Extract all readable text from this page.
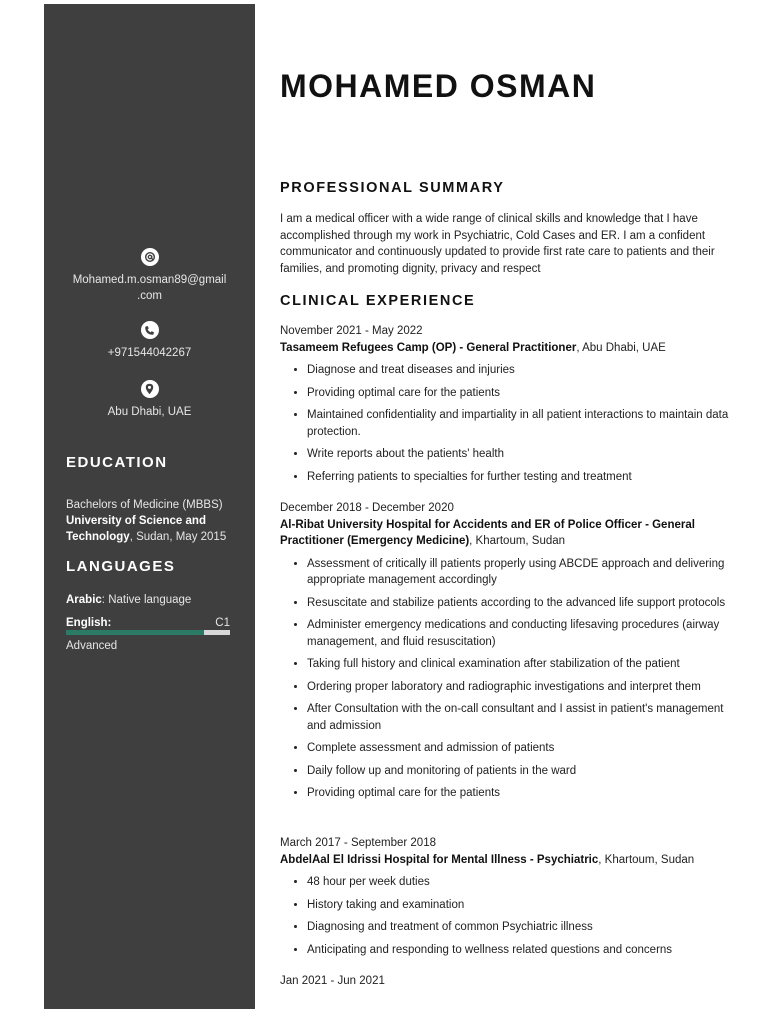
Mohamed.m.osman89@gmail
.com
+971544042267
Abu Dhabi, UAE
EDUCATION
Bachelors of Medicine (MBBS)
University of Science and
Technology, Sudan, May 2015
LANGUAGES
Arabic: Native language
English:	C1
Advanced
MOHAMED OSMAN
PROFESSIONAL SUMMARY
I am a medical officer with a wide range of clinical skills and knowledge that I have accomplished through my work in Psychiatric, Cold Cases and ER. I am a confident communicator and continuously updated to provide first rate care to patients and their families, and promoting dignity, privacy and respect
CLINICAL EXPERIENCE
November 2021 - May 2022
Tasameem Refugees Camp (OP) - General Practitioner, Abu Dhabi, UAE
• Diagnose and treat diseases and injuries
• Providing optimal care for the patients
• Maintained confidentiality and impartiality in all patient interactions to maintain data protection.
• Write reports about the patients' health
• Referring patients to specialties for further testing and treatment
December 2018 - December 2020
Al-Ribat University Hospital for Accidents and ER of Police Officer - General Practitioner (Emergency Medicine), Khartoum, Sudan
• Assessment of critically ill patients properly using ABCDE approach and delivering appropriate management accordingly
• Resuscitate and stabilize patients according to the advanced life support protocols
• Administer emergency medications and conducting lifesaving procedures (airway management, and fluid resuscitation)
• Taking full history and clinical examination after stabilization of the patient
• Ordering proper laboratory and radiographic investigations and interpret them
• After Consultation with the on-call consultant and I assist in patient's management and admission
• Complete assessment and admission of patients
• Daily follow up and monitoring of patients in the ward
• Providing optimal care for the patients
March 2017 - September 2018
AbdelAal El Idrissi Hospital for Mental Illness - Psychiatric, Khartoum, Sudan
• 48 hour per week duties
• History taking and examination
• Diagnosing and treatment of common Psychiatric illness
• Anticipating and responding to wellness related questions and concerns
Jan 2021 - Jun 2021
